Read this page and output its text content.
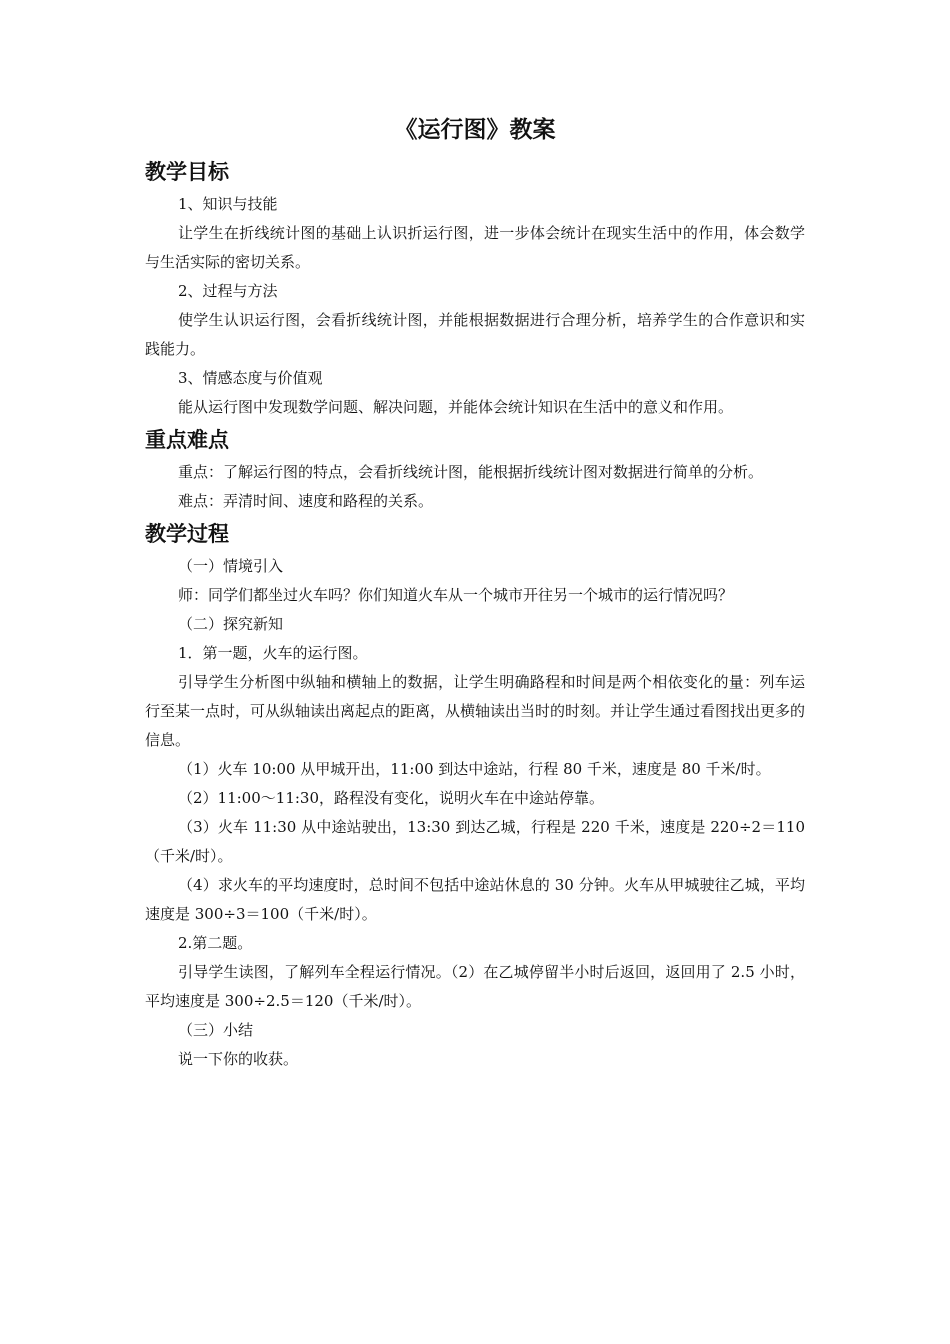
《运行图》教案
教学目标

1、知识与技能

让学生在折线统计图的基础上认识折运行图，进一步体会统计在现实生活中的作用，体会数学与生活实际的密切关系。

2、过程与方法

使学生认识运行图，会看折线统计图，并能根据数据进行合理分析，培养学生的合作意识和实践能力。

3、情感态度与价值观

能从运行图中发现数学问题、解决问题，并能体会统计知识在生活中的意义和作用。

重点难点

重点：了解运行图的特点，会看折线统计图，能根据折线统计图对数据进行简单的分析。

难点：弄清时间、速度和路程的关系。

教学过程

（一）情境引入

师：同学们都坐过火车吗？你们知道火车从一个城市开往另一个城市的运行情况吗？

（二）探究新知

1．第一题，火车的运行图。

引导学生分析图中纵轴和横轴上的数据，让学生明确路程和时间是两个相依变化的量：列车运行至某一点时，可从纵轴读出离起点的距离，从横轴读出当时的时刻。并让学生通过看图找出更多的信息。

（1）火车 10:00 从甲城开出，11:00 到达中途站，行程 80 千米，速度是 80 千米/时。

（2）11:00～11:30，路程没有变化，说明火车在中途站停靠。

（3）火车 11:30 从中途站驶出，13:30 到达乙城，行程是 220 千米，速度是 220÷2＝110（千米/时）。

（4）求火车的平均速度时，总时间不包括中途站休息的 30 分钟。火车从甲城驶往乙城，平均速度是 300÷3＝100（千米/时）。

2.第二题。

引导学生读图，了解列车全程运行情况。（2）在乙城停留半小时后返回，返回用了 2.5 小时，平均速度是 300÷2.5＝120（千米/时）。

（三）小结

说一下你的收获。
